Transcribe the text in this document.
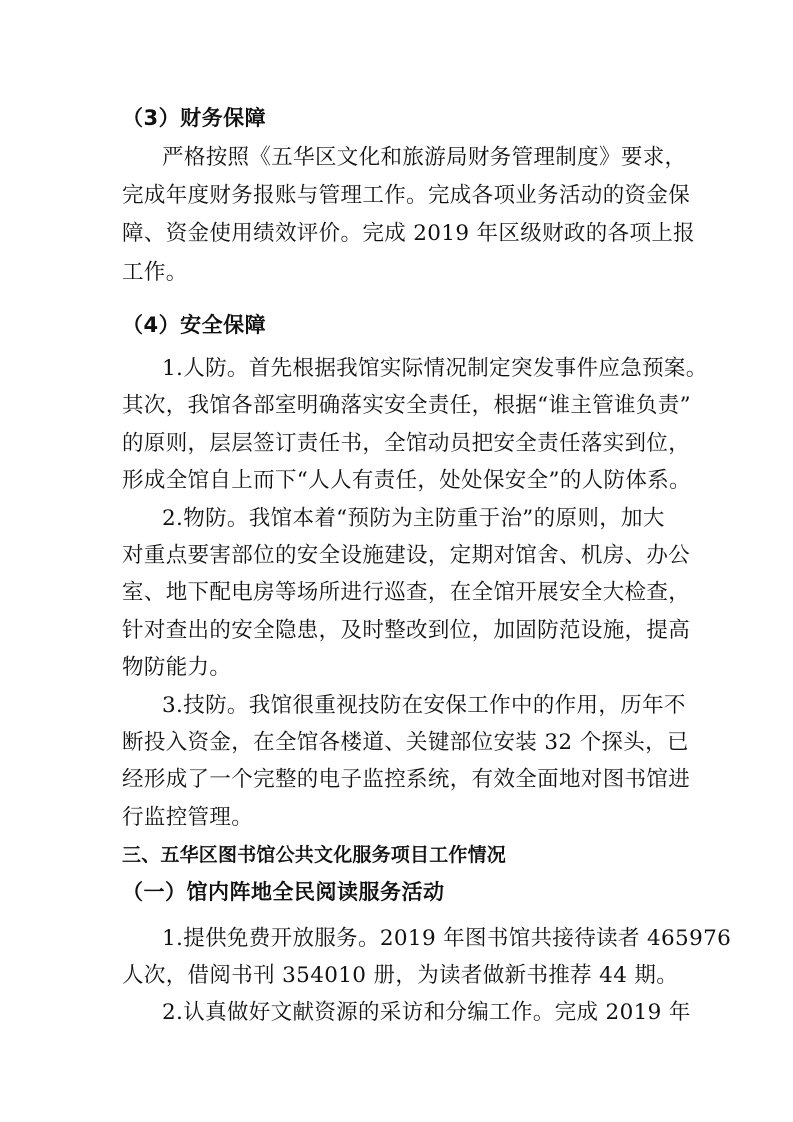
（3）财务保障
严格按照《五华区文化和旅游局财务管理制度》要求，
完成年度财务报账与管理工作。完成各项业务活动的资金保
障、资金使用绩效评价。完成 2019 年区级财政的各项上报
工作。
（4）安全保障
1.人防。首先根据我馆实际情况制定突发事件应急预案。
其次，我馆各部室明确落实安全责任，根据“谁主管谁负责”
的原则，层层签订责任书，全馆动员把安全责任落实到位，
形成全馆自上而下“人人有责任，处处保安全”的人防体系。
2.物防。我馆本着“预防为主防重于治”的原则，加大
对重点要害部位的安全设施建设，定期对馆舍、机房、办公
室、地下配电房等场所进行巡查，在全馆开展安全大检查，
针对查出的安全隐患，及时整改到位，加固防范设施，提高
物防能力。
3.技防。我馆很重视技防在安保工作中的作用，历年不
断投入资金，在全馆各楼道、关键部位安装 32 个探头，已
经形成了一个完整的电子监控系统，有效全面地对图书馆进
行监控管理。
三、五华区图书馆公共文化服务项目工作情况
（一）馆内阵地全民阅读服务活动
1.提供免费开放服务。2019 年图书馆共接待读者 465976
人次，借阅书刊 354010 册，为读者做新书推荐 44 期。
2.认真做好文献资源的采访和分编工作。完成 2019 年
